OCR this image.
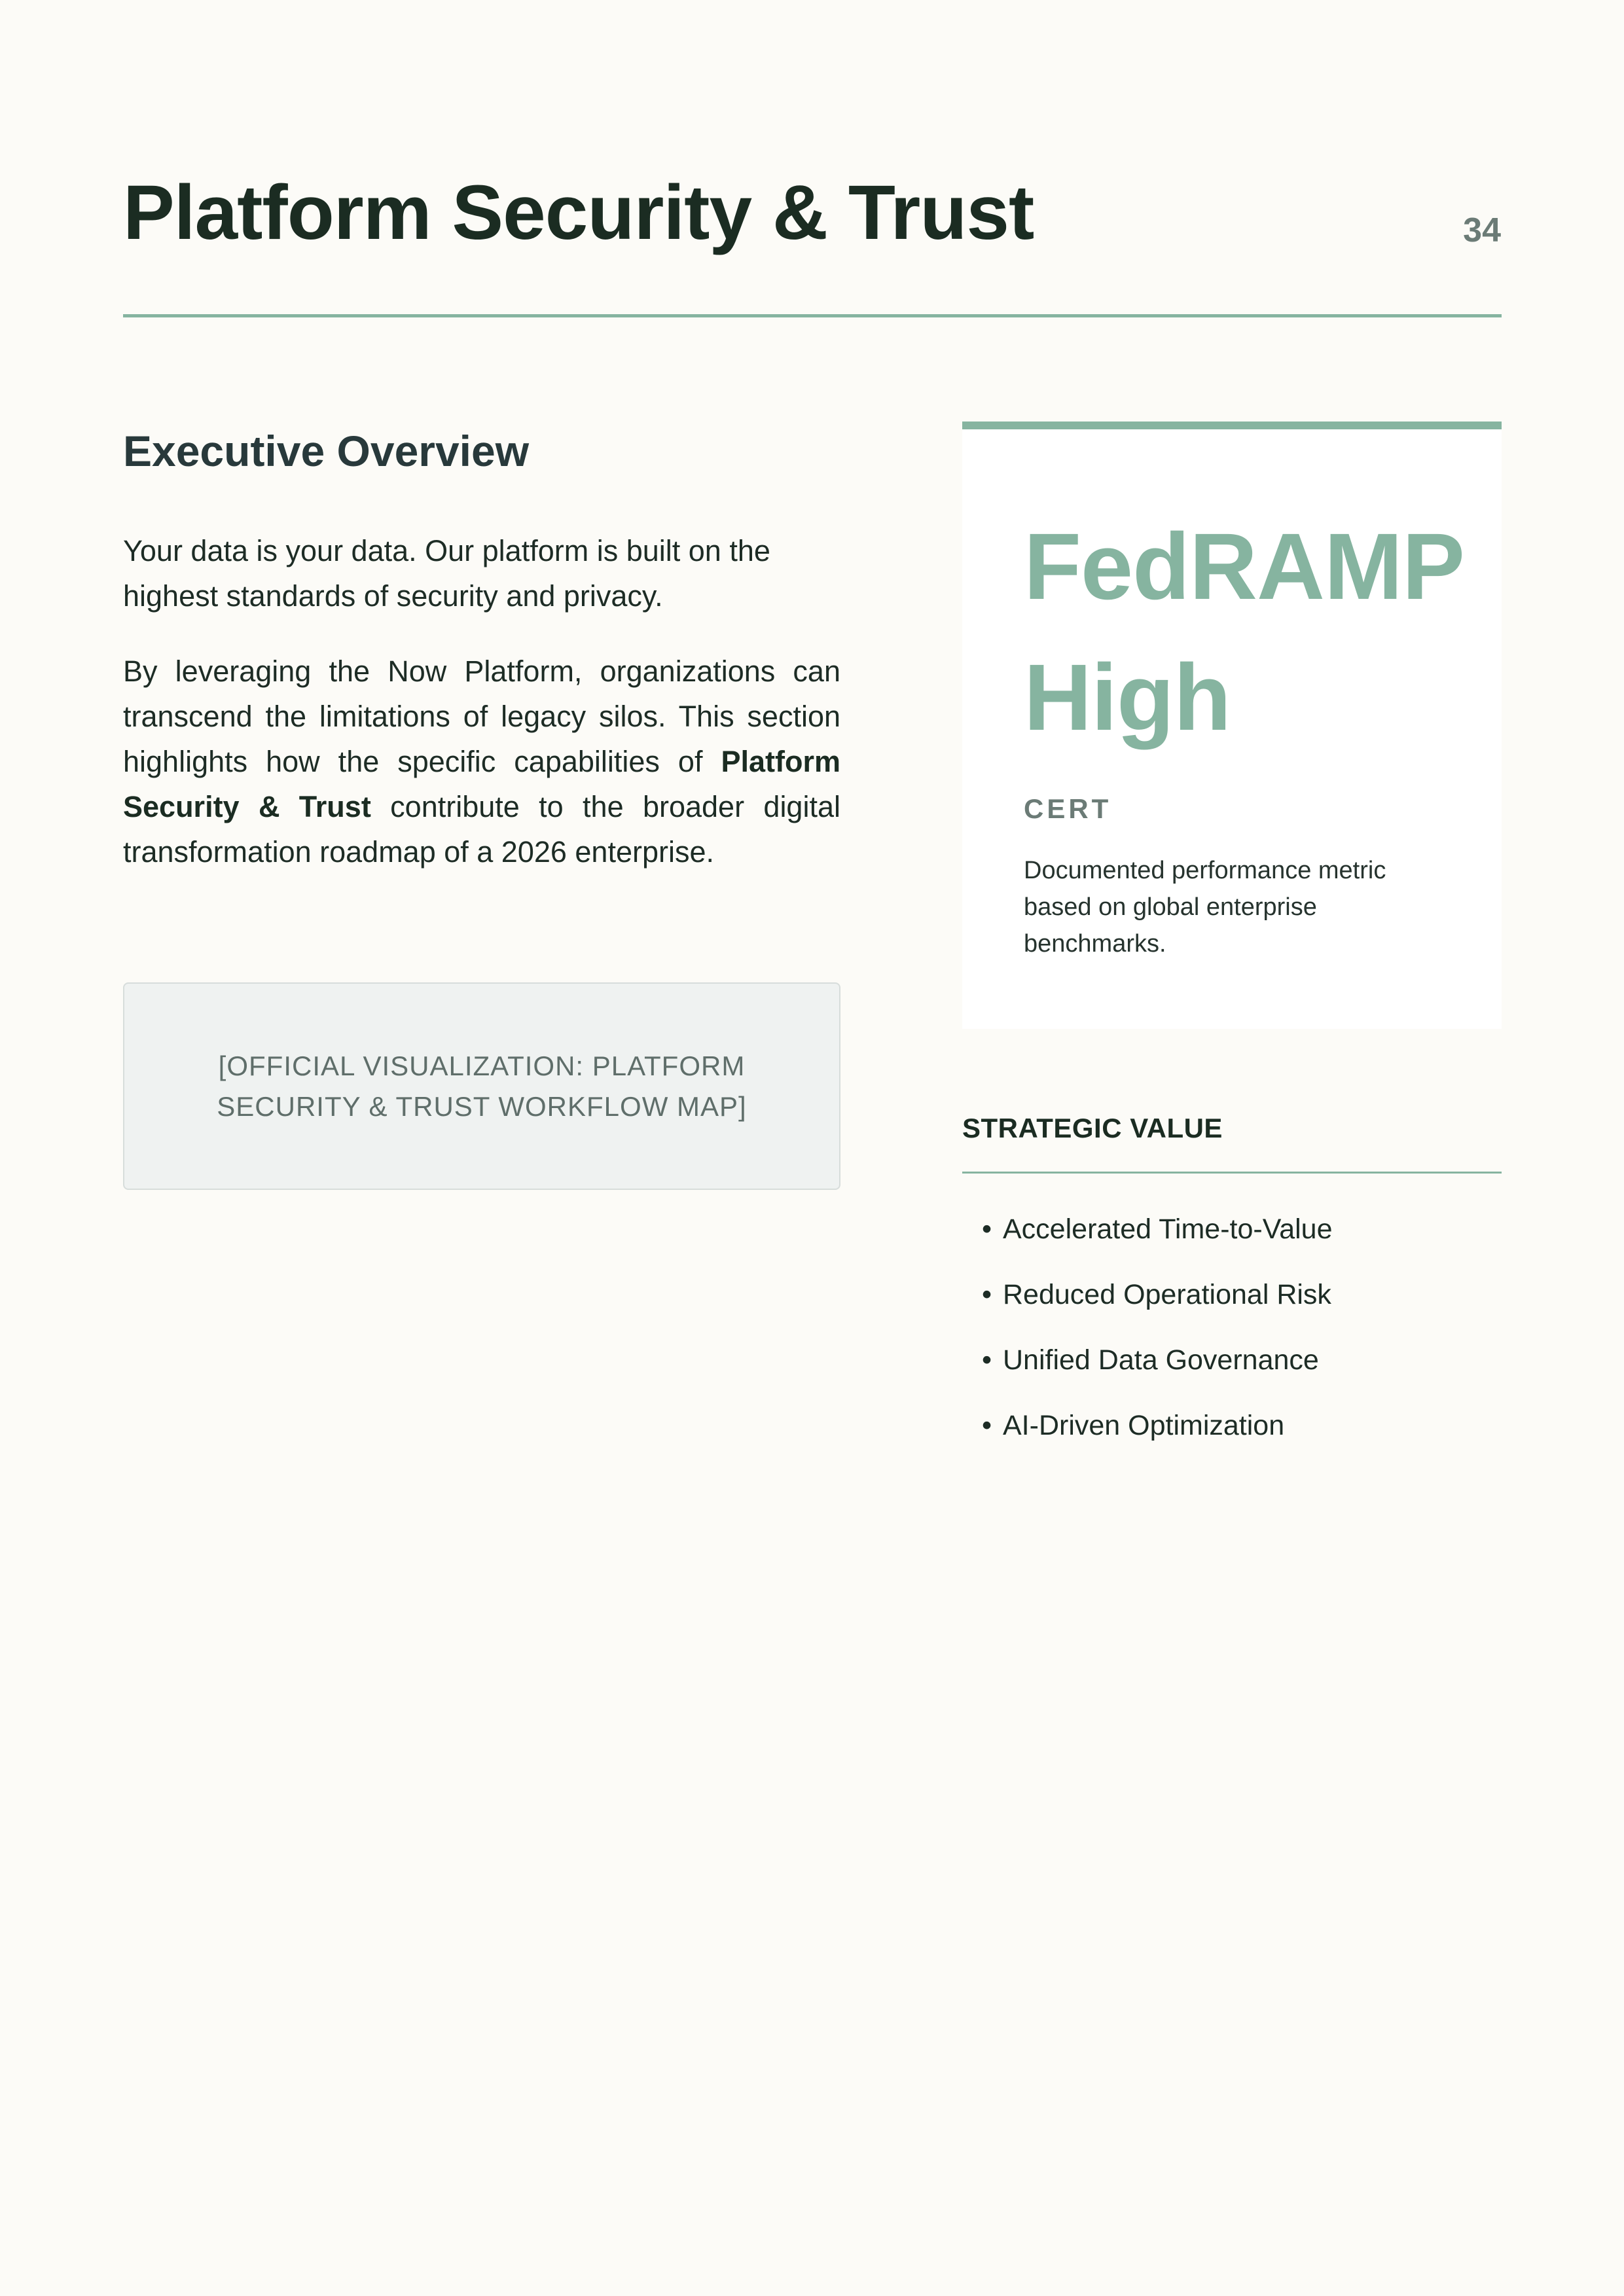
Platform Security & Trust	34
Executive Overview

Your data is your data. Our platform is built on the highest standards of security and privacy.

By leveraging the Now Platform, organizations can transcend the limitations of legacy silos. This section highlights how the specific capabilities of Platform Security & Trust contribute to the broader digital transformation roadmap of a 2026 enterprise.

[OFFICIAL VISUALIZATION: PLATFORM SECURITY & TRUST WORKFLOW MAP]
FedRAMP
High
CERT
Documented performance metric based on global enterprise benchmarks.
STRATEGIC VALUE
• Accelerated Time-to-Value
• Reduced Operational Risk
• Unified Data Governance
• AI-Driven Optimization
